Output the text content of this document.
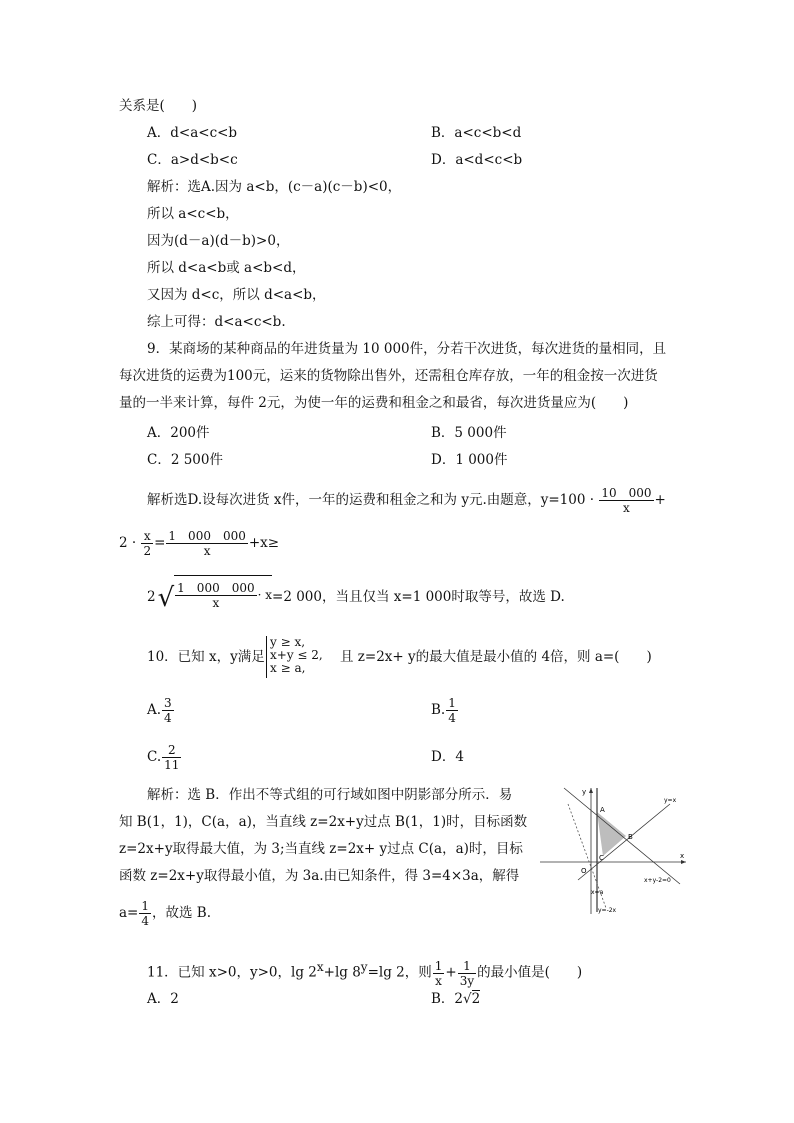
关系是(　　)
A．d<a<c<b	B．a<c<b<d
C．a>d<b<c	D．a<d<c<b
解析：选A.因为 a<b，(c－a)(c－b)<0，
所以 a<c<b，
因为(d－a)(d－b)>0，
所以 d<a<b或 a<b<d，
又因为 d<c，所以 d<a<b，
综上可得：d<a<c<b.
9．某商场的某种商品的年进货量为 10 000件，分若干次进货，每次进货的量相同，且
每次进货的运费为100元，运来的货物除出售外，还需租仓库存放，一年的租金按一次进货
量的一半来计算，每件 2元，为使一年的运费和租金之和最省，每次进货量应为(　　)
A．200件	B．5 000件
C．2 500件	D．1 000件
解析选D.设每次进货 x件，一年的运费和租金之和为 y元.由题意，$y=100 \cdot \frac{10 000}{x}$ +
$2 \cdot \frac{x}{2} = \frac{1 000 000}{x} +x\ge$
$2√ \frac{1 000 000}{x} \cdot x=2$ 000，当且仅当 x=1 000时取等号，故选 D.
10．已知 x，y满足
y ≥ x,
x+y ≤ 2,
x ≥ a,
且 z=2x+ y的最大值是最小值的 4倍，则 a=(　　)
A. $\frac{3}{4}$	B. $\frac{1}{4}$
C. $\frac{2}{11}$	D．4
解析：选 B．作出不等式组的可行域如图中阴影部分所示．易
知 B(1，1)，C(a，a)，当直线 z=2x+y过点 B(1，1)时，目标函数
z=2x+y取得最大值，为 3;当直线 z=2x+ y过点 C(a，a)时，目标
函数 z=2x+y取得最小值，为 3a.由已知条件，得 3=4×3a，解得
$a= \frac{1}{4}$ ，故选 B.
y
x
O
A
B
C
y=x
x+y-2=0
x=a
y=-2x
11．已知 x>0，y>0，$\lg 2^x+\lg$ $8^y=\lg$ 2，则 $\frac{1}{x} + \frac{1}{3y}$ 的最小值是(　　)
A．2	B．2√2
